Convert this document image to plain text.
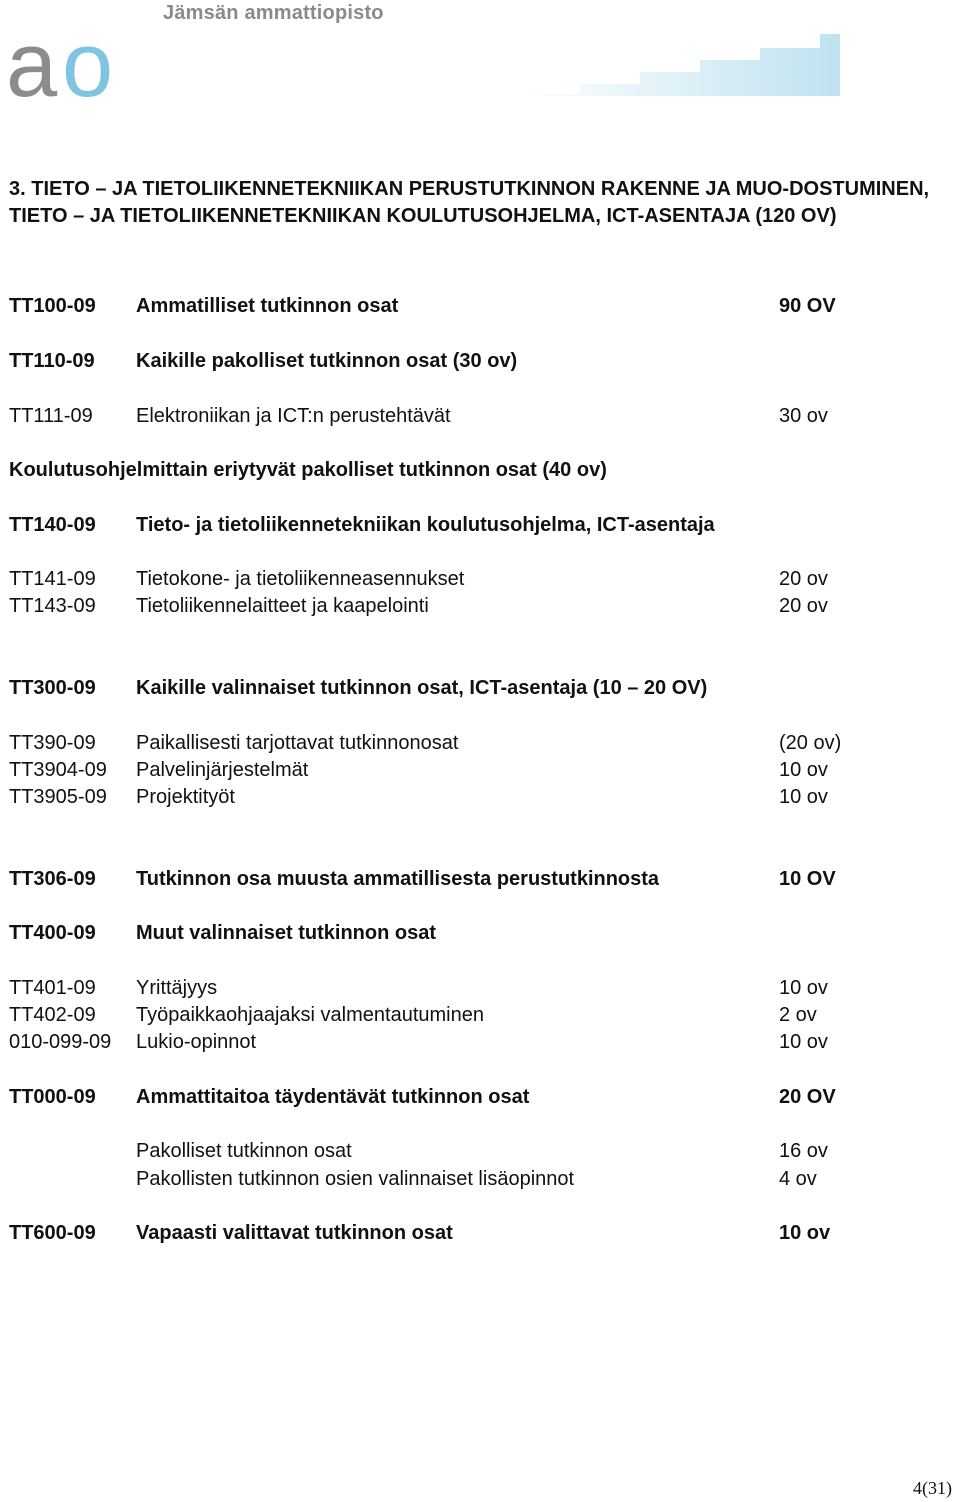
a o
Jämsän ammattiopisto
3. TIETO – JA TIETOLIIKENNETEKNIIKAN PERUSTUTKINNON RAKENNE JA MUO-DOSTUMINEN, TIETO – JA TIETOLIIKENNETEKNIIKAN KOULUTUSOHJELMA, ICT-ASENTAJA (120 OV)
TT100-09 Ammatilliset tutkinnon osat	90 OV
TT110-09 Kaikille pakolliset tutkinnon osat (30 ov)
TT111-09 Elektroniikan ja ICT:n perustehtävät	30 ov
Koulutusohjelmittain eriytyvät pakolliset tutkinnon osat (40 ov)
TT140-09 Tieto- ja tietoliikennetekniikan koulutusohjelma, ICT-asentaja
TT141-09 Tietokone- ja tietoliikenneasennukset	20 ov
TT143-09 Tietoliikennelaitteet ja kaapelointi	20 ov
TT300-09 Kaikille valinnaiset tutkinnon osat, ICT-asentaja (10 – 20 OV)
TT390-09 Paikallisesti tarjottavat tutkinnonosat	(20 ov)
TT3904-09 Palvelinjärjestelmät	10 ov
TT3905-09 Projektityöt	10 ov
TT306-09 Tutkinnon osa muusta ammatillisesta perustutkinnosta	10 OV
TT400-09 Muut valinnaiset tutkinnon osat
TT401-09 Yrittäjyys	10 ov
TT402-09 Työpaikkaohjaajaksi valmentautuminen	2 ov
010-099-09 Lukio-opinnot	10 ov
TT000-09 Ammattitaitoa täydentävät tutkinnon osat	20 OV
Pakolliset tutkinnon osat	16 ov
Pakollisten tutkinnon osien valinnaiset lisäopinnot	4 ov
TT600-09 Vapaasti valittavat tutkinnon osat	10 ov
4(31)
